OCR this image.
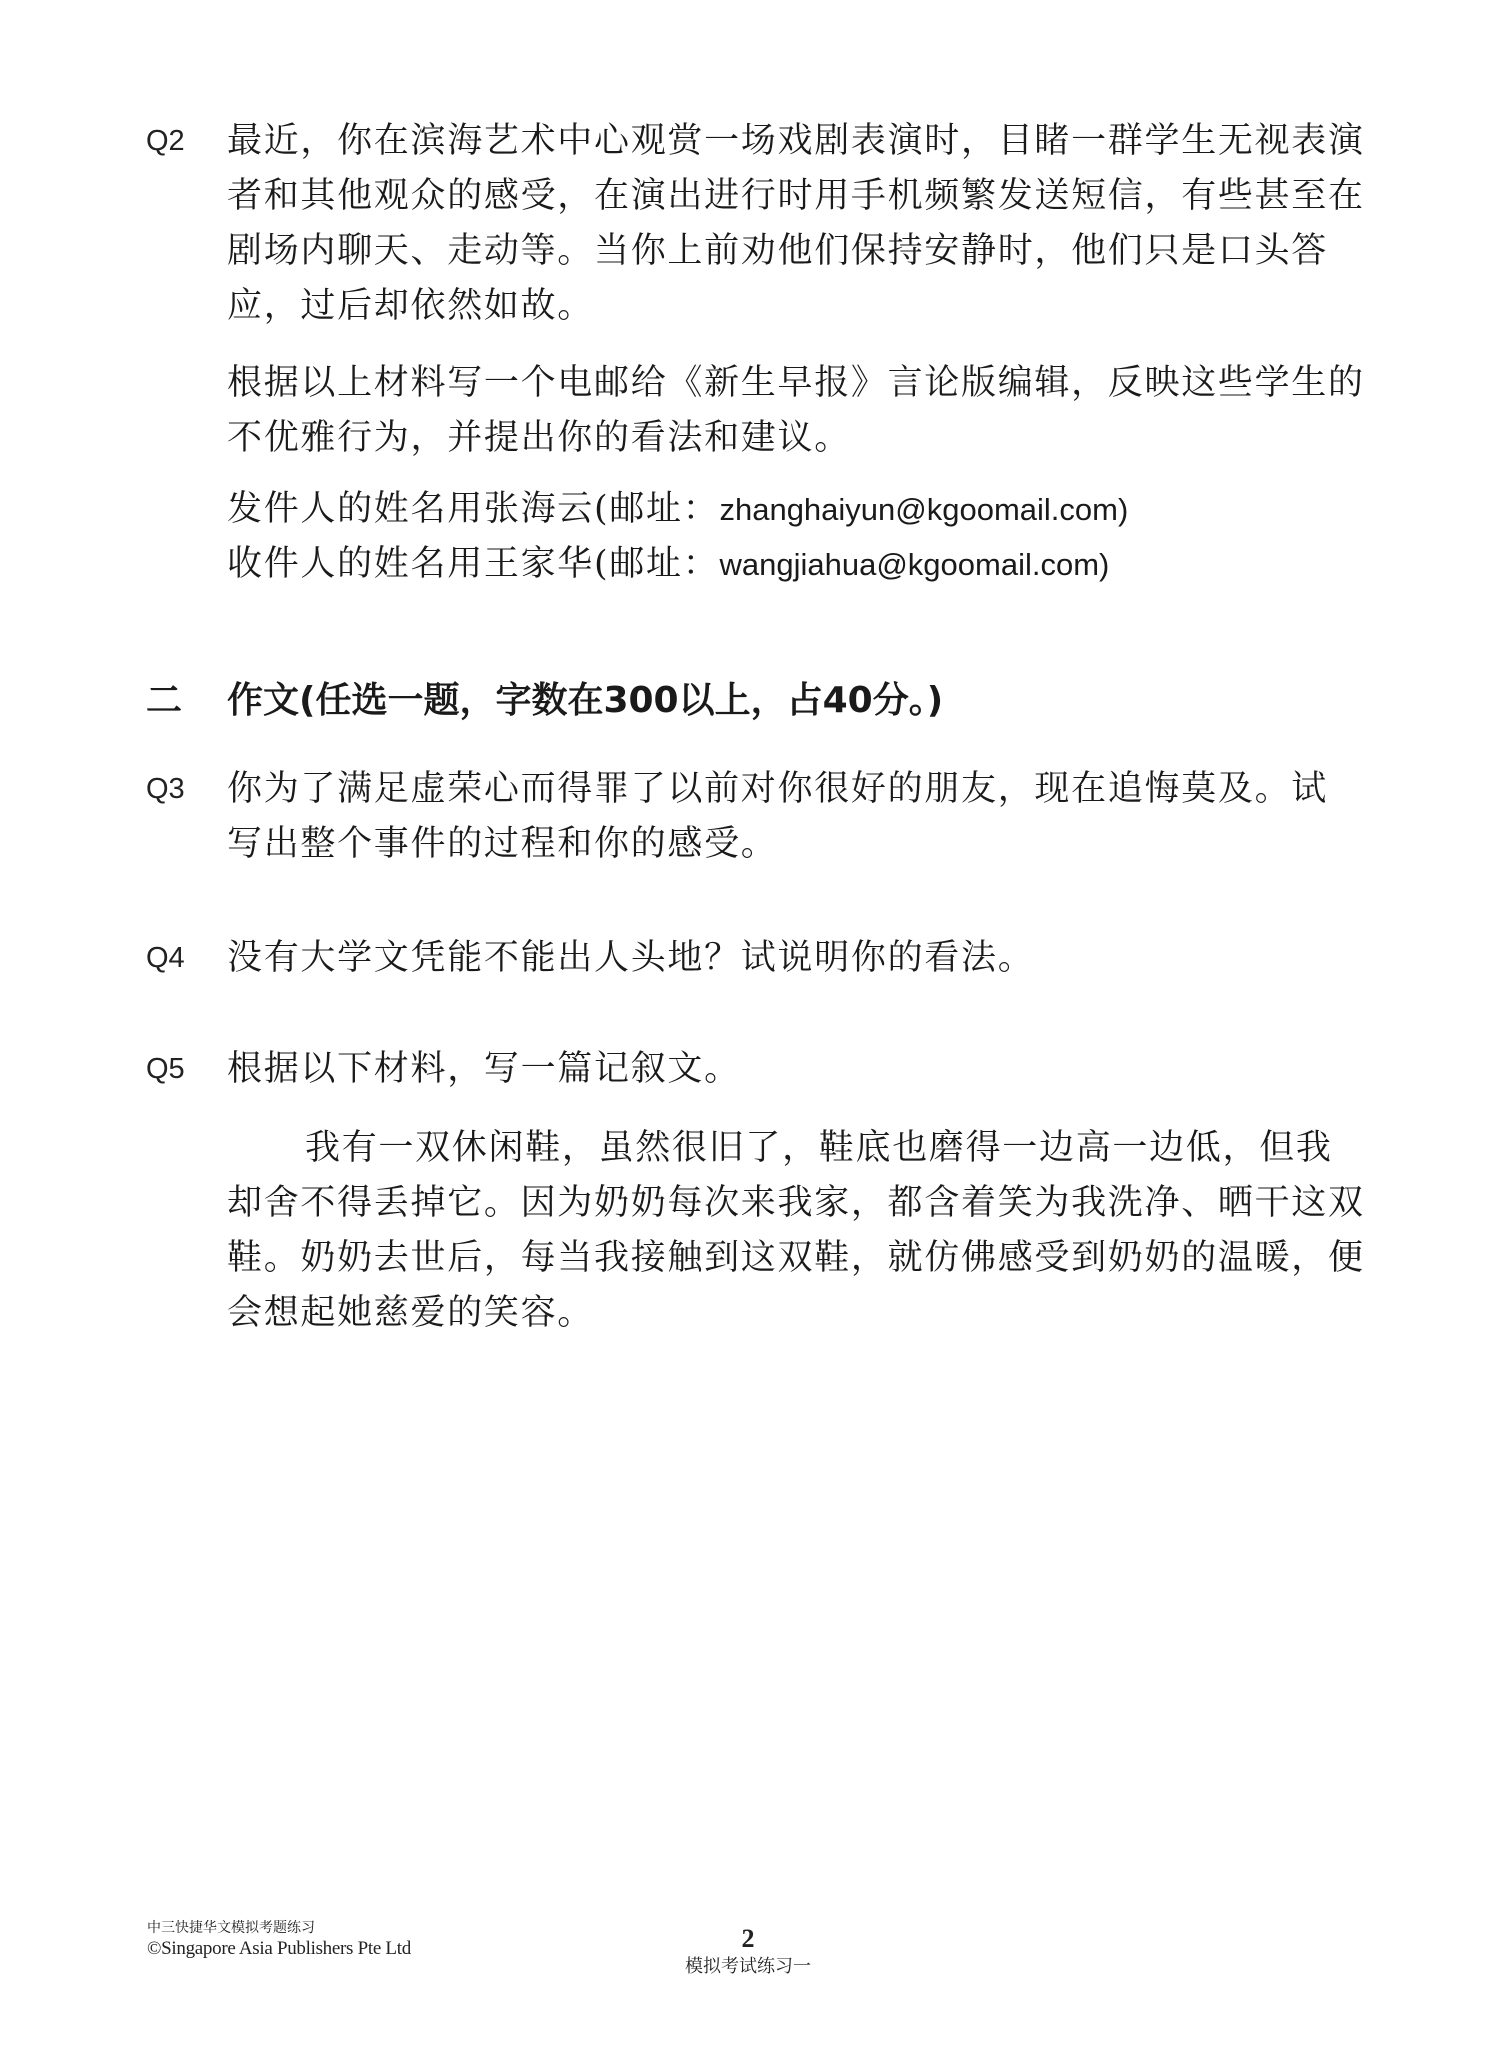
Q2 最近，你在滨海艺术中心观赏一场戏剧表演时，目睹一群学生无视表演
者和其他观众的感受，在演出进行时用手机频繁发送短信，有些甚至在
剧场内聊天、走动等。当你上前劝他们保持安静时，他们只是口头答
应，过后却依然如故。
根据以上材料写一个电邮给《新生早报》言论版编辑，反映这些学生的
不优雅行为，并提出你的看法和建议。
发件人的姓名用张海云(邮址：zhanghaiyun@kgoomail.com)
收件人的姓名用王家华(邮址：wangjiahua@kgoomail.com)
二 作文(任选一题，字数在300以上，占40分。)
Q3 你为了满足虚荣心而得罪了以前对你很好的朋友，现在追悔莫及。试
写出整个事件的过程和你的感受。
Q4 没有大学文凭能不能出人头地？试说明你的看法。
Q5 根据以下材料，写一篇记叙文。
我有一双休闲鞋，虽然很旧了，鞋底也磨得一边高一边低，但我
却舍不得丢掉它。因为奶奶每次来我家，都含着笑为我洗净、晒干这双
鞋。奶奶去世后，每当我接触到这双鞋，就仿佛感受到奶奶的温暖，便
会想起她慈爱的笑容。
中三快捷华文模拟考题练习
©Singapore Asia Publishers Pte Ltd	2
模拟考试练习一
